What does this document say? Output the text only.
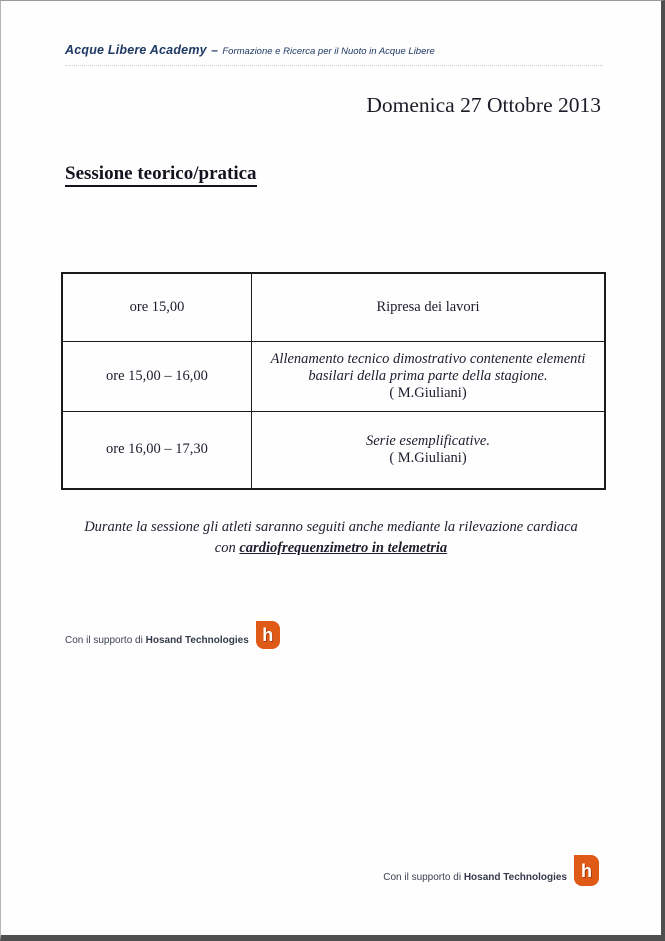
Acque Libere Academy – Formazione e Ricerca per il Nuoto in Acque Libere
Domenica 27 Ottobre 2013
Sessione teorico/pratica
ore 15,00	Ripresa dei lavori

ore 15,00 – 16,00	Allenamento tecnico dimostrativo contenente elementi basilari della prima parte della stagione.
( M.Giuliani)

ore 16,00 – 17,30	Serie esemplificative.
( M.Giuliani)
Durante la sessione gli atleti saranno seguiti anche mediante la rilevazione cardiaca
con cardiofrequenzimetro in telemetria
Con il supporto di Hosand Technologies h
Con il supporto di Hosand Technologies h
